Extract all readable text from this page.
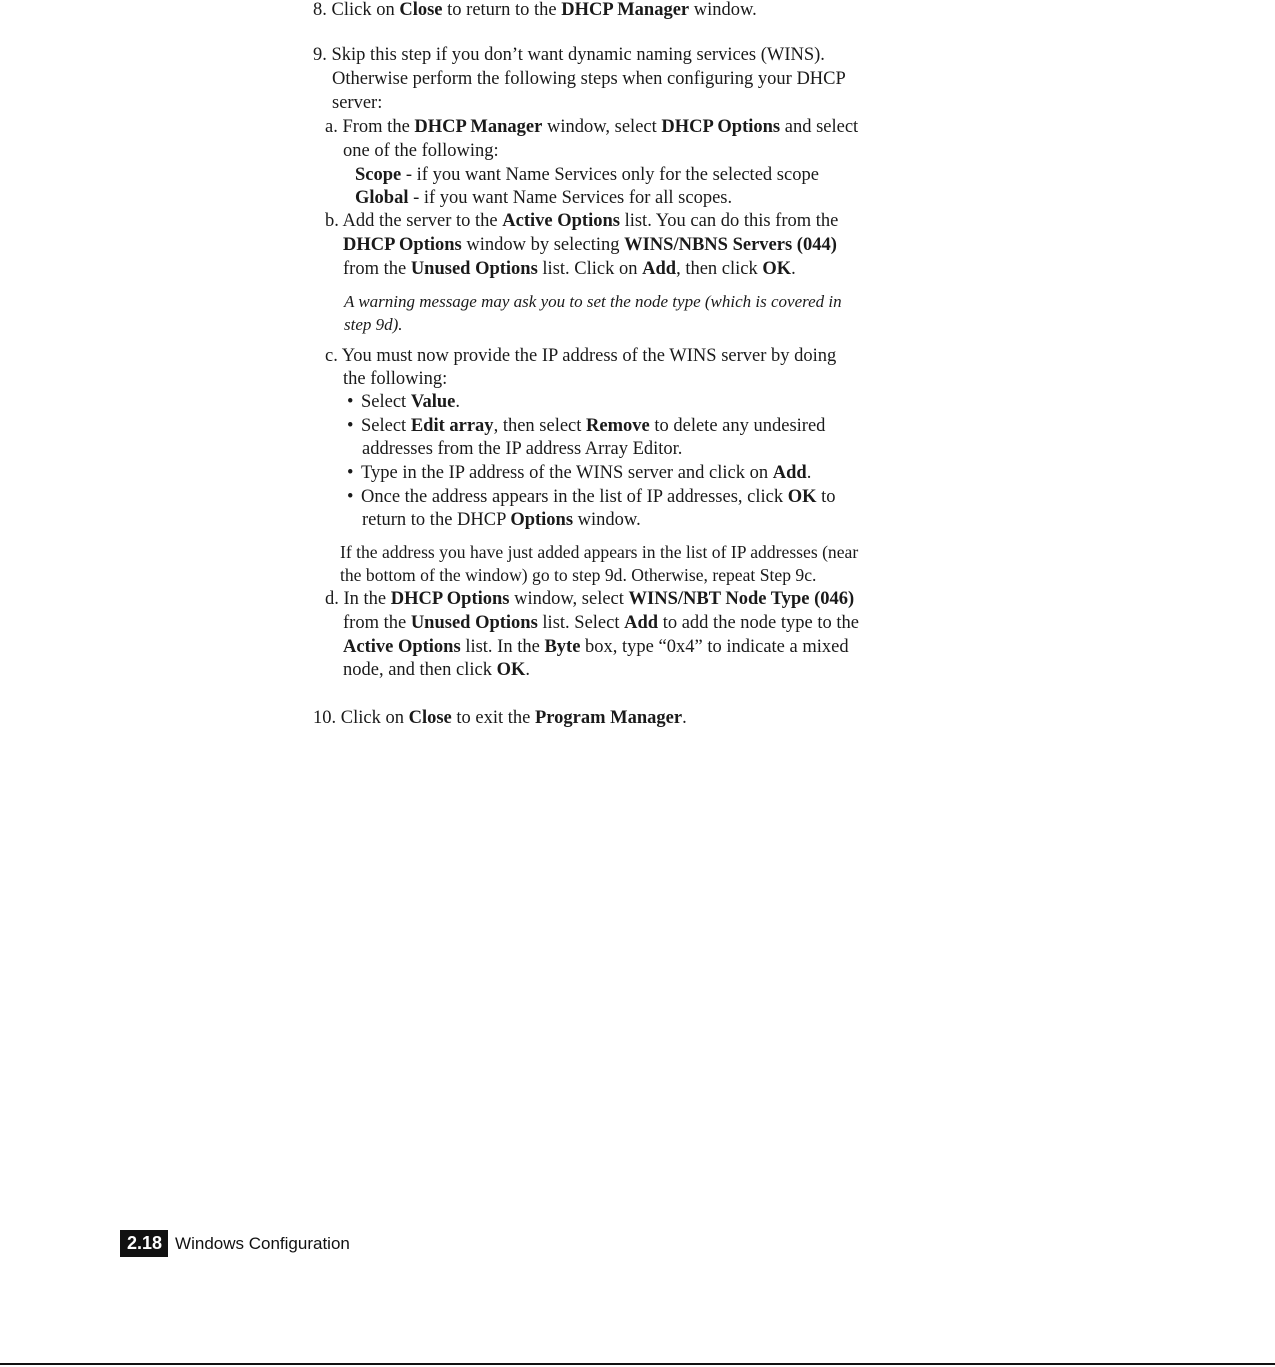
8. Click on Close to return to the DHCP Manager window.
9. Skip this step if you don’t want dynamic naming services (WINS).
Otherwise perform the following steps when configuring your DHCP
server:
a. From the DHCP Manager window, select DHCP Options and select
one of the following:
Scope - if you want Name Services only for the selected scope
Global - if you want Name Services for all scopes.
b. Add the server to the Active Options list. You can do this from the
DHCP Options window by selecting WINS/NBNS Servers (044)
from the Unused Options list. Click on Add, then click OK.
A warning message may ask you to set the node type (which is covered in
step 9d).
c. You must now provide the IP address of the WINS server by doing
the following:
• Select Value.
• Select Edit array, then select Remove to delete any undesired
addresses from the IP address Array Editor.
• Type in the IP address of the WINS server and click on Add.
• Once the address appears in the list of IP addresses, click OK to
return to the DHCP Options window.
If the address you have just added appears in the list of IP addresses (near
the bottom of the window) go to step 9d. Otherwise, repeat Step 9c.
d. In the DHCP Options window, select WINS/NBT Node Type (046)
from the Unused Options list. Select Add to add the node type to the
Active Options list. In the Byte box, type “0x4” to indicate a mixed
node, and then click OK.
10. Click on Close to exit the Program Manager.
2.18 Windows Configuration
